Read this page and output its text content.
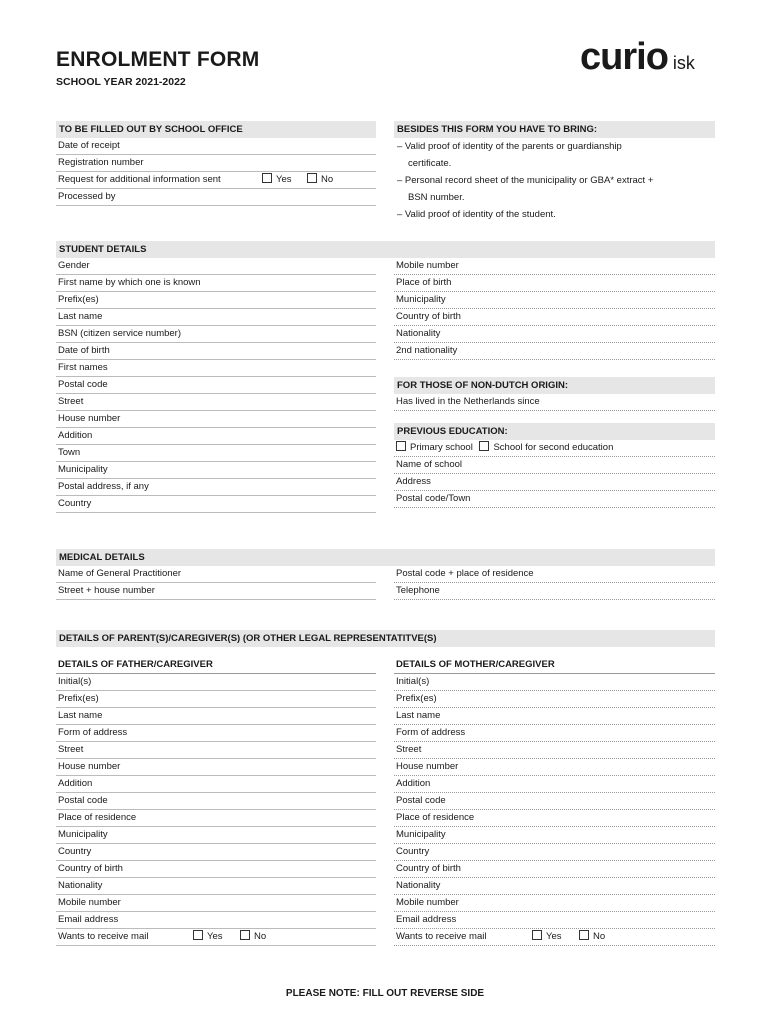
ENROLMENT FORM
SCHOOL YEAR 2021-2022
curio isk
TO BE FILLED OUT BY SCHOOL OFFICE
Date of receipt
Registration number
Request for additional information sent	Yes	No
Processed by
BESIDES THIS FORM YOU HAVE TO BRING:
– Valid proof of identity of the parents or guardianship
certificate.
– Personal record sheet of the municipality or GBA* extract +
BSN number.
– Valid proof of identity of the student.
STUDENT DETAILS
Gender
First name by which one is known
Prefix(es)
Last name
BSN (citizen service number)
Date of birth
First names
Postal code
Street
House number
Addition
Town
Municipality
Postal address, if any
Country
Mobile number
Place of birth
Municipality
Country of birth
Nationality
2nd nationality
FOR THOSE OF NON-DUTCH ORIGIN:
Has lived in the Netherlands since
PREVIOUS EDUCATION:
Primary school School for second education
Name of school
Address
Postal code/Town
MEDICAL DETAILS
Name of General Practitioner
Street + house number
Postal code + place of residence
Telephone
DETAILS OF PARENT(S)/CAREGIVER(S) (OR OTHER LEGAL REPRESENTATITVE(S)
DETAILS OF FATHER/CAREGIVER
Initial(s)
Prefix(es)
Last name
Form of address
Street
House number
Addition
Postal code
Place of residence
Municipality
Country
Country of birth
Nationality
Mobile number
Email address
Wants to receive mail	Yes	No
DETAILS OF MOTHER/CAREGIVER
Initial(s)
Prefix(es)
Last name
Form of address
Street
House number
Addition
Postal code
Place of residence
Municipality
Country
Country of birth
Nationality
Mobile number
Email address
Wants to receive mail	Yes	No
PLEASE NOTE: FILL OUT REVERSE SIDE
